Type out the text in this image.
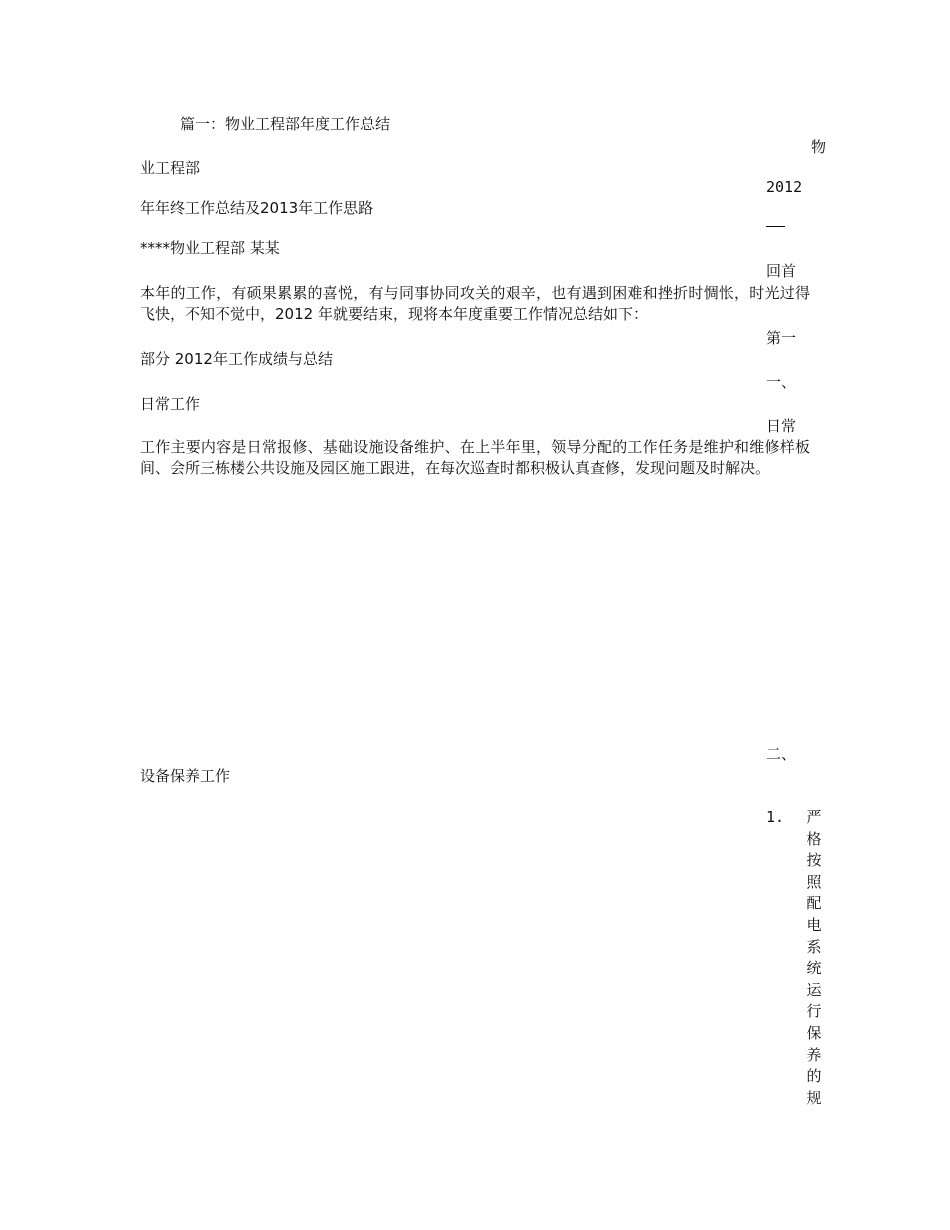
篇一：物业工程部年度工作总结

物

业工程部

2012

年年终工作总结及2013年工作思路

****物业工程部 某某

回首

本年的工作，有硕果累累的喜悦，有与同事协同攻关的艰辛，也有遇到困难和挫折时惆怅，时光过得飞快，不知不觉中，2012 年就要结束，现将本年度重要工作情况总结如下：

第一

部分 2012年工作成绩与总结

一、

日常工作

日常

工作主要内容是日常报修、基础设施设备维护、在上半年里，领导分配的工作任务是维护和维修样板间、会所三栋楼公共设施及园区施工跟进，在每次巡查时都积极认真查修，发现问题及时解决。

二、

设备保养工作

1. 严
格
按
照
配
电
系
统
运
行
保
养
的
规
